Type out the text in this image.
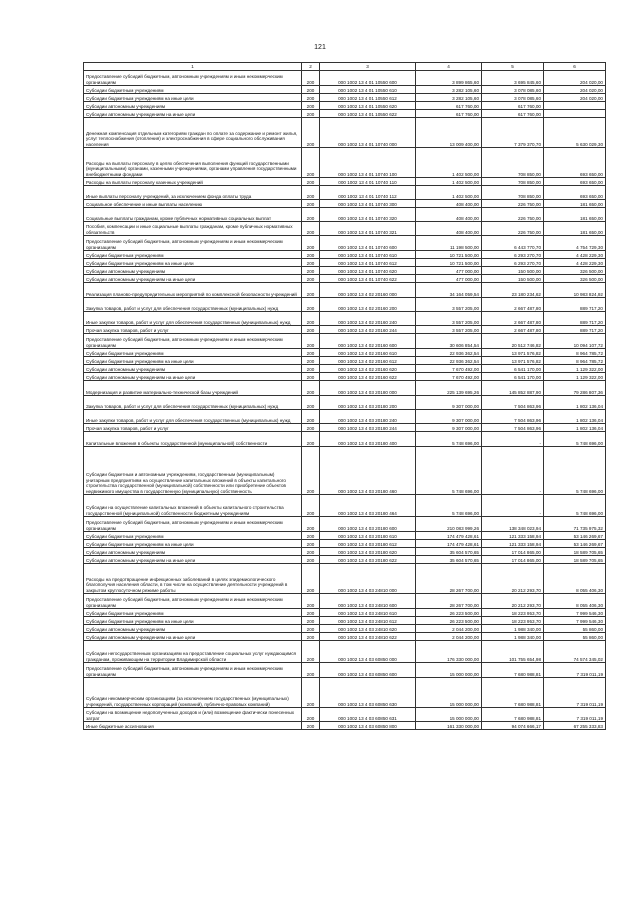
121
1	2	3	4	5	6
Предоставление субсидий бюджетным, автономным учреждениям и иным некоммерческим организациям	200	000 1002 13 4 01 10550 600	3 899 865,60	3 695 845,60	204 020,00
Субсидии бюджетным учреждениям	200	000 1002 13 4 01 10550 610	3 282 105,60	3 078 085,60	204 020,00
Субсидии бюджетным учреждениям на иные цели	200	000 1002 13 4 01 10550 612	3 282 105,60	3 078 085,60	204 020,00
Субсидии автономным учреждениям	200	000 1002 13 4 01 10550 620	617 760,00	617 760,00	
Субсидии автономным учреждениям на иные цели	200	000 1002 13 4 01 10550 622	617 760,00	617 760,00	
Денежная компенсация отдельным категориям граждан по оплате за содержание и ремонт жилья, услуг теплоснабжения (отопления) и электроснабжения в сфере социального обслуживания населения	200	000 1002 13 4 01 10740 000	13 009 400,00	7 379 370,70	5 630 029,30
Расходы на выплаты персоналу в целях обеспечения выполнения функций государственными (муниципальными) органами, казенными учреждениями, органами управления государственными внебюджетными фондами	200	000 1002 13 4 01 10740 100	1 402 500,00	708 850,00	693 650,00
Расходы на выплаты персоналу казенных учреждений	200	000 1002 13 4 01 10740 110	1 402 500,00	708 850,00	693 650,00
Иные выплаты персоналу учреждений, за исключением фонда оплаты труда	200	000 1002 13 4 01 10740 112	1 402 500,00	708 850,00	693 650,00
Социальное обеспечение и иные выплаты населению	200	000 1002 13 4 01 10740 300	408 400,00	226 750,00	181 650,00
Социальные выплаты гражданам, кроме публичных нормативных социальных выплат	200	000 1002 13 4 01 10740 320	408 400,00	226 750,00	181 650,00
Пособия, компенсации и иные социальные выплаты гражданам, кроме публичных нормативных обязательств	200	000 1002 13 4 01 10740 321	408 400,00	226 750,00	181 650,00
Предоставление субсидий бюджетным, автономным учреждениям и иным некоммерческим организациям	200	000 1002 13 4 01 10740 600	11 198 500,00	6 443 770,70	4 754 729,30
Субсидии бюджетным учреждениям	200	000 1002 13 4 01 10740 610	10 721 500,00	6 293 270,70	4 428 229,30
Субсидии бюджетным учреждениям на иные цели	200	000 1002 13 4 01 10740 612	10 721 500,00	6 293 270,70	4 428 229,30
Субсидии автономным учреждениям	200	000 1002 13 4 01 10740 620	477 000,00	150 500,00	326 500,00
Субсидии автономным учреждениям на иные цели	200	000 1002 13 4 01 10740 622	477 000,00	150 500,00	326 500,00
Реализация планово-предупредительных мероприятий по комплексной безопасности учреждений	200	000 1002 13 4 02 20160 000	34 164 059,54	23 180 234,62	10 983 824,92
Закупка товаров, работ и услуг для обеспечения государственных (муниципальных) нужд	200	000 1002 13 4 02 20160 200	3 557 205,00	2 667 487,80	889 717,20
Иные закупки товаров, работ и услуг для обеспечения государственных (муниципальных) нужд	200	000 1002 13 4 02 20160 240	3 557 205,00	2 667 487,80	889 717,20
Прочая закупка товаров, работ и услуг	200	000 1002 13 4 02 20160 244	3 557 205,00	2 667 487,80	889 717,20
Предоставление субсидий бюджетным, автономным учреждениям и иным некоммерческим организациям	200	000 1002 13 4 02 20160 600	30 606 854,54	20 512 746,82	10 094 107,72
Субсидии бюджетным учреждениям	200	000 1002 13 4 02 20160 610	22 936 362,54	13 971 576,82	8 964 785,72
Субсидии бюджетным учреждениям на иные цели	200	000 1002 13 4 02 20160 612	22 936 362,54	13 971 576,82	8 964 785,72
Субсидии автономным учреждениям	200	000 1002 13 4 02 20160 620	7 670 492,00	6 541 170,00	1 129 322,00
Субсидии автономным учреждениям на иные цели	200	000 1002 13 4 02 20160 622	7 670 492,00	6 541 170,00	1 129 322,00
Модернизация и развитие материально-технической базы учреждений	200	000 1002 13 4 03 20180 000	225 139 695,26	145 852 887,90	79 286 807,36
Закупка товаров, работ и услуг для обеспечения государственных (муниципальных) нужд	200	000 1002 13 4 03 20180 200	9 307 000,00	7 504 863,96	1 802 136,04
Иные закупки товаров, работ и услуг для обеспечения государственных (муниципальных) нужд	200	000 1002 13 4 03 20180 240	9 307 000,00	7 504 863,96	1 802 136,04
Прочая закупка товаров, работ и услуг	200	000 1002 13 4 03 20180 244	9 307 000,00	7 504 863,96	1 802 136,04
Капитальные вложения в объекты государственной (муниципальной) собственности	200	000 1002 13 4 03 20180 400	5 748 696,00	-	5 748 696,00
Субсидии бюджетным и автономным учреждениям, государственным (муниципальным) унитарным предприятиям на осуществление капитальных вложений в объекты капитального строительства государственной (муниципальной) собственности или приобретение объектов недвижимого имущества в государственную (муниципальную) собственность	200	000 1002 13 4 03 20180 460	5 748 696,00	-	5 748 696,00
Субсидии на осуществление капитальных вложений в объекты капитального строительства государственной (муниципальной) собственности бюджетным учреждениям	200	000 1002 13 4 03 20180 464	5 748 696,00	-	5 748 696,00
Предоставление субсидий бюджетным, автономным учреждениям и иным некоммерческим организациям	200	000 1002 13 4 03 20180 600	210 083 999,26	138 348 023,94	71 735 975,32
Субсидии бюджетным учреждениям	200	000 1002 13 4 03 20180 610	174 479 428,61	121 333 158,94	53 146 269,67
Субсидии бюджетным учреждениям на иные цели	200	000 1002 13 4 03 20180 612	174 479 428,61	121 333 158,94	53 146 269,67
Субсидии автономным учреждениям	200	000 1002 13 4 03 20180 620	35 604 570,65	17 014 865,00	18 589 705,65
Субсидии автономным учреждениям на иные цели	200	000 1002 13 4 03 20180 622	35 604 570,65	17 014 865,00	18 589 705,65
Расходы на предотвращение инфекционных заболеваний в целях эпидемиологического благополучия населения области, в том числе на осуществление деятельности учреждений в закрытом круглосуточном режиме работы	200	000 1002 13 4 03 24810 000	28 267 700,00	20 212 293,70	8 055 406,30
Предоставление субсидий бюджетным, автономным учреждениям и иным некоммерческим организациям	200	000 1002 13 4 03 24810 600	28 267 700,00	20 212 293,70	8 055 406,30
Субсидии бюджетным учреждениям	200	000 1002 13 4 03 24810 610	26 223 500,00	18 223 953,70	7 999 546,30
Субсидии бюджетным учреждениям на иные цели	200	000 1002 13 4 03 24810 612	26 223 500,00	18 223 953,70	7 999 546,30
Субсидии автономным учреждениям	200	000 1002 13 4 03 24810 620	2 044 200,00	1 988 340,00	55 860,00
Субсидии автономным учреждениям на иные цели	200	000 1002 13 4 03 24810 622	2 044 200,00	1 988 340,00	55 860,00
Субсидии негосударственным организациям на предоставление социальных услуг нуждающимся гражданам, проживающим на территории Владимирской области	200	000 1002 13 4 03 60850 000	176 330 000,00	101 755 654,98	74 574 345,02
Предоставление субсидий бюджетным, автономным учреждениям и иным некоммерческим организациям	200	000 1002 13 4 03 60850 600	15 000 000,00	7 680 988,81	7 319 011,19
Субсидии некоммерческим организациям (за исключением государственных (муниципальных) учреждений, государственных корпораций (компаний), публично-правовых компаний)	200	000 1002 13 4 03 60850 630	15 000 000,00	7 680 988,81	7 319 011,19
Субсидии на возмещение недополученных доходов и (или) возмещение фактически понесенных затрат	200	000 1002 13 4 03 60850 631	15 000 000,00	7 680 988,81	7 319 011,19
Иные бюджетные ассигнования	200	000 1002 13 4 03 60850 800	161 330 000,00	94 074 666,17	67 255 333,83
